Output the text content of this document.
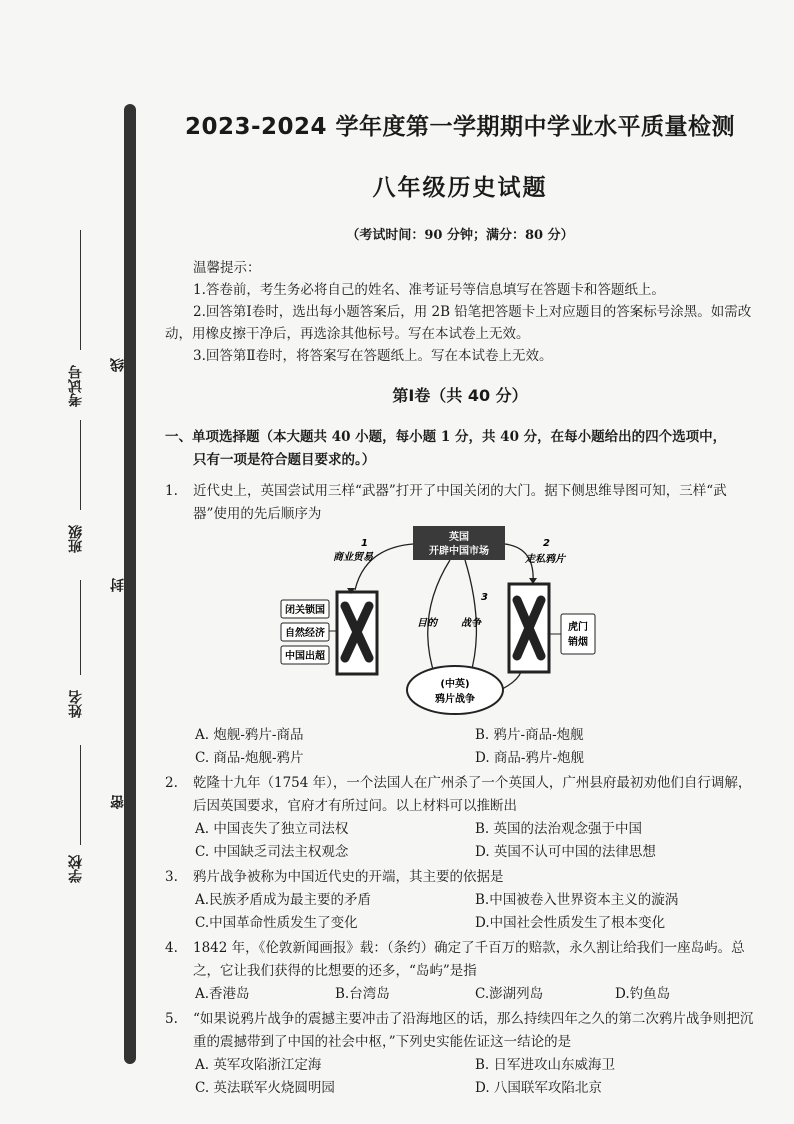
考试号
班级
姓名
学校
线
封
密
2023-2024 学年度第一学期期中学业水平质量检测
八年级历史试题
（考试时间：90 分钟；满分：80 分）
温馨提示：
1.答卷前，考生务必将自己的姓名、准考证号等信息填写在答题卡和答题纸上。
2.回答第Ⅰ卷时，选出每小题答案后，用 2B 铅笔把答题卡上对应题目的答案标号涂黑。如需改动，用橡皮擦干净后，再选涂其他标号。写在本试卷上无效。
3.回答第Ⅱ卷时，将答案写在答题纸上。写在本试卷上无效。
第Ⅰ卷（共 40 分）
一、单项选择题（本大题共 40 小题，每小题 1 分，共 40 分，在每小题给出的四个选项中，
只有一项是符合题目要求的。）
1.	近代史上，英国尝试用三样“武器”打开了中国关闭的大门。据下侧思维导图可知，三样“武器”使用的先后顺序为
英国
开辟中国市场
闭关锁国
自然经济
中国出超
虎门
销烟
1
商业贸易
2
走私鸦片
3
目的 战争
(中英)
鸦片战争
A. 炮舰-鸦片-商品	B. 鸦片-商品-炮舰
C. 商品-炮舰-鸦片	D. 商品-鸦片-炮舰
2.	乾隆十九年（1754 年），一个法国人在广州杀了一个英国人，广州县府最初劝他们自行调解，后因英国要求，官府才有所过问。以上材料可以推断出
A. 中国丧失了独立司法权	B. 英国的法治观念强于中国
C. 中国缺乏司法主权观念	D. 英国不认可中国的法律思想
3.	鸦片战争被称为中国近代史的开端，其主要的依据是
A.民族矛盾成为最主要的矛盾	B.中国被卷入世界资本主义的漩涡
C.中国革命性质发生了变化	D.中国社会性质发生了根本变化
4.	1842 年，《伦敦新闻画报》载：（条约）确定了千百万的赔款，永久割让给我们一座岛屿。总之，它让我们获得的比想要的还多，“岛屿”是指
A.香港岛	B.台湾岛	C.澎湖列岛	D.钓鱼岛
5.	“如果说鸦片战争的震撼主要冲击了沿海地区的话，那么持续四年之久的第二次鸦片战争则把沉重的震撼带到了中国的社会中枢，”下列史实能佐证这一结论的是
A. 英军攻陷浙江定海	B. 日军进攻山东威海卫
C. 英法联军火烧圆明园	D. 八国联军攻陷北京
